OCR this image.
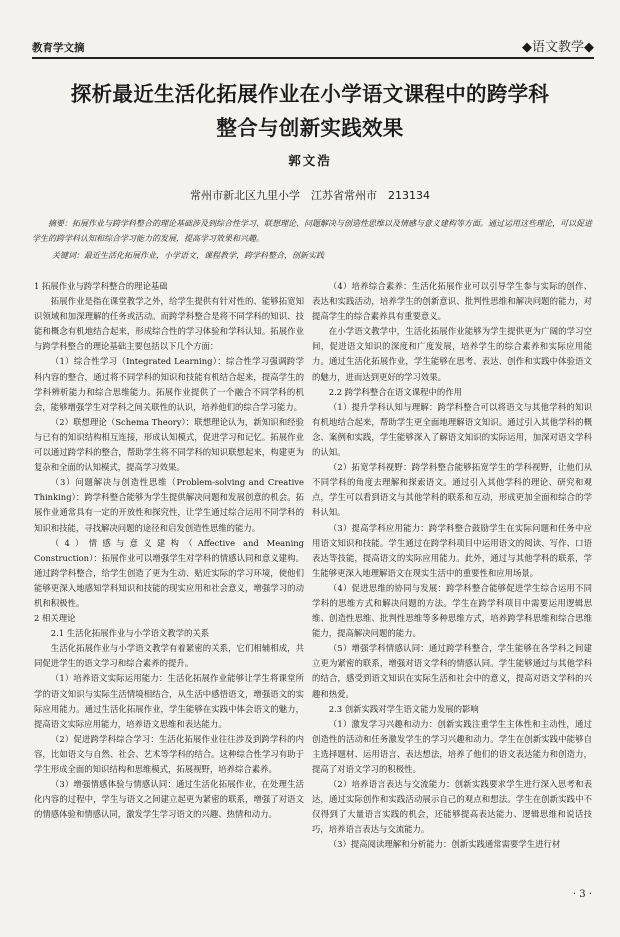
教育学文摘	◆语文教学◆
探析最近生活化拓展作业在小学语文课程中的跨学科
整合与创新实践效果
郭文浩
常州市新北区九里小学　江苏省常州市　213134

摘要：拓展作业与跨学科整合的理论基础涉及到综合性学习、联想理论、问题解决与创造性思维以及情感与意义建构等方面。通过运用这些理论，可以促进学生的跨学科认知和综合学习能力的发展，提高学习效果和兴趣。

关键词：最近生活化拓展作业，小学语文，课程教学，跨学科整合，创新实践

1 拓展作业与跨学科整合的理论基础

拓展作业是指在课堂教学之外，给学生提供有针对性的、能够拓宽知识领域和加深理解的任务或活动。而跨学科整合是将不同学科的知识、技能和概念有机地结合起来，形成综合性的学习体验和学科认知。拓展作业与跨学科整合的理论基础主要包括以下几个方面：

（1）综合性学习（Integrated Learning）：综合性学习强调跨学科内容的整合，通过将不同学科的知识和技能有机结合起来，提高学生的学科辨析能力和综合思维能力。拓展作业提供了一个融合不同学科的机会，能够增强学生对学科之间关联性的认识，培养他们的综合学习能力。

（2）联想理论（Schema Theory）：联想理论认为，新知识和经验与已有的知识结构相互连接，形成认知模式，促进学习和记忆。拓展作业可以通过跨学科的整合，帮助学生将不同学科的知识联想起来，构建更为复杂和全面的认知模式，提高学习效果。

（3）问题解决与创造性思维（Problem-solving and Creative Thinking）：跨学科整合能够为学生提供解决问题和发展创意的机会。拓展作业通常具有一定的开放性和探究性，让学生通过综合运用不同学科的知识和技能，寻找解决问题的途径和启发创造性思维的能力。

（4）情感与意义建构（Affective and Meaning Construction）：拓展作业可以增强学生对学科的情感认同和意义建构。通过跨学科整合，给学生创造了更为生动、贴近实际的学习环境，使他们能够更深入地感知学科知识和技能的现实应用和社会意义，增强学习的动机和积极性。

2 相关理论

2.1 生活化拓展作业与小学语文教学的关系

生活化拓展作业与小学语文教学有着紧密的关系，它们相辅相成，共同促进学生的语文学习和综合素养的提升。

（1）培养语文实际运用能力：生活化拓展作业能够让学生将课堂所学的语文知识与实际生活情境相结合，从生活中感悟语文，增强语文的实际应用能力。通过生活化拓展作业，学生能够在实践中体会语文的魅力，提高语文实际应用能力，培养语文思维和表达能力。

（2）促进跨学科综合学习：生活化拓展作业往往涉及到跨学科的内容，比如语文与自然、社会、艺术等学科的结合。这种综合性学习有助于学生形成全面的知识结构和思维模式，拓展视野，培养综合素养。

（3）增强情感体验与情感认同：通过生活化拓展作业，在处理生活化内容的过程中，学生与语文之间建立起更为紧密的联系，增强了对语文的情感体验和情感认同，激发学生学习语文的兴趣、热情和动力。

（4）培养综合素养：生活化拓展作业可以引导学生参与实际的创作、表达和实践活动，培养学生的创新意识、批判性思维和解决问题的能力，对提高学生的综合素养具有重要意义。

在小学语文教学中，生活化拓展作业能够为学生提供更为广阔的学习空间，促进语文知识的深度和广度发展，培养学生的综合素养和实际应用能力。通过生活化拓展作业，学生能够在思考、表达、创作和实践中体验语文的魅力，进而达到更好的学习效果。

2.2 跨学科整合在语文课程中的作用

（1）提升学科认知与理解：跨学科整合可以将语文与其他学科的知识有机地结合起来，帮助学生更全面地理解语文知识。通过引入其他学科的概念、案例和实践，学生能够深入了解语文知识的实际运用，加深对语文学科的认知。

（2）拓宽学科视野：跨学科整合能够拓宽学生的学科视野，让他们从不同学科的角度去理解和探索语文。通过引入其他学科的理论、研究和观点，学生可以看到语文与其他学科的联系和互动，形成更加全面和综合的学科认知。

（3）提高学科应用能力：跨学科整合鼓励学生在实际问题和任务中应用语文知识和技能。学生通过在跨学科项目中运用语文的阅读、写作、口语表达等技能，提高语文的实际应用能力。此外，通过与其他学科的联系，学生能够更深入地理解语文在现实生活中的重要性和应用场景。

（4）促进思维的协同与发展：跨学科整合能够促进学生综合运用不同学科的思维方式和解决问题的方法。学生在跨学科项目中需要运用逻辑思维、创造性思维、批判性思维等多种思维方式，培养跨学科思维和综合思维能力，提高解决问题的能力。

（5）增强学科情感认同：通过跨学科整合，学生能够在各学科之间建立更为紧密的联系，增强对语文学科的情感认同。学生能够通过与其他学科的结合，感受到语文知识在实际生活和社会中的意义，提高对语文学科的兴趣和热爱。

2.3 创新实践对学生语文能力发展的影响

（1）激发学习兴趣和动力：创新实践注重学生主体性和主动性，通过创造性的活动和任务激发学生的学习兴趣和动力。学生在创新实践中能够自主选择题材、运用语言、表达想法，培养了他们的语文表达能力和创造力，提高了对语文学习的积极性。

（2）培养语言表达与交流能力：创新实践要求学生进行深入思考和表达，通过实际创作和实践活动展示自己的观点和想法。学生在创新实践中不仅得到了大量语言实践的机会，还能够提高表达能力、逻辑思维和说话技巧，培养语言表达与交流能力。

（3）提高阅读理解和分析能力：创新实践通常需要学生进行材

· 3 ·
